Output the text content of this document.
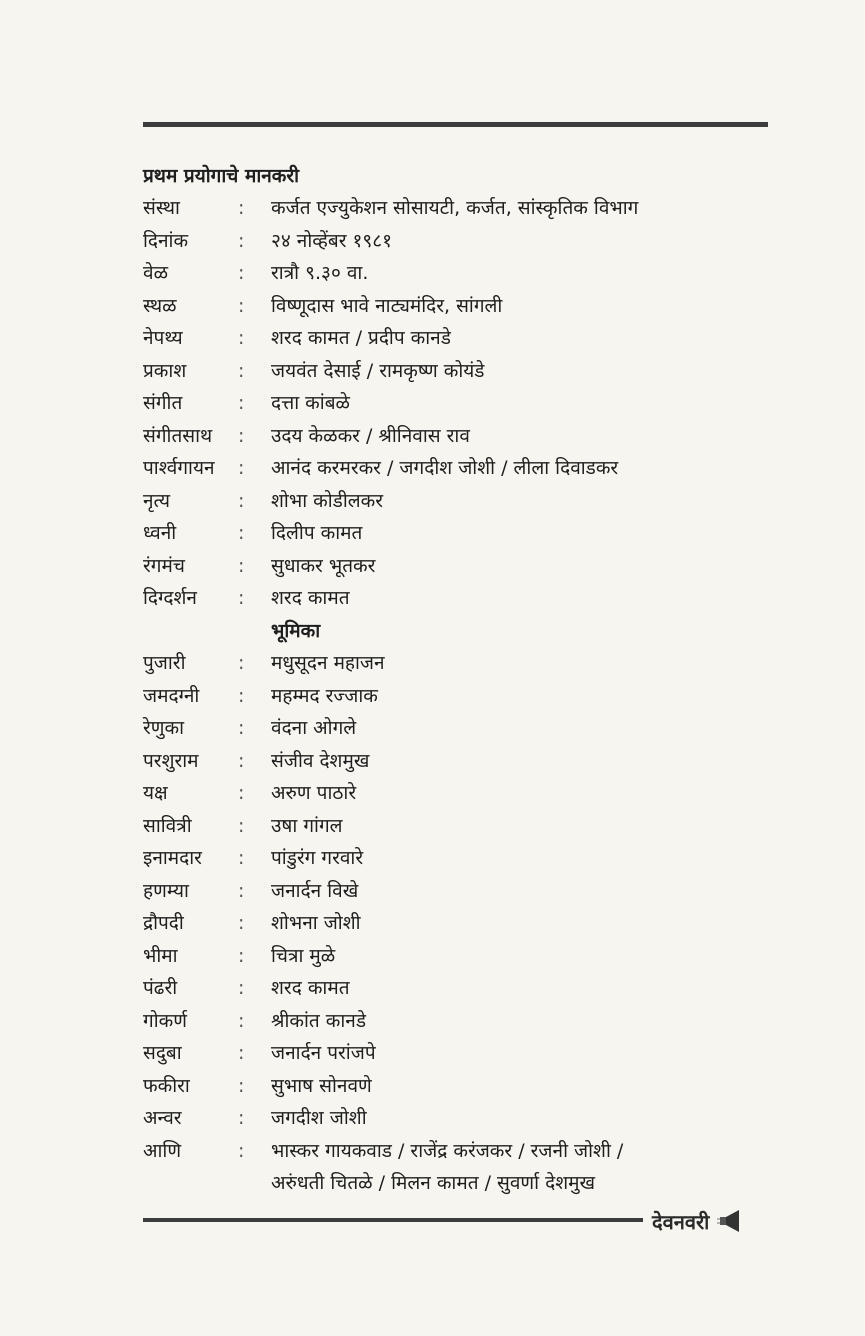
प्रथम प्रयोगाचे मानकरी
संस्था	: कर्जत एज्युकेशन सोसायटी, कर्जत, सांस्कृतिक विभाग
दिनांक	: २४ नोव्हेंबर १९८१
वेळ	: रात्रौ ९.३० वा.
स्थळ	: विष्णूदास भावे नाट्यमंदिर, सांगली
नेपथ्य	: शरद कामत / प्रदीप कानडे
प्रकाश	: जयवंत देसाई / रामकृष्ण कोयंडे
संगीत	: दत्ता कांबळे
संगीतसाथ : उदय केळकर / श्रीनिवास राव
पार्श्वगायन : आनंद करमरकर / जगदीश जोशी / लीला दिवाडकर
नृत्य	: शोभा कोडीलकर
ध्वनी	: दिलीप कामत
रंगमंच	: सुधाकर भूतकर
दिग्दर्शन : शरद कामत
भूमिका
पुजारी	: मधुसूदन महाजन
जमदग्नी : महम्मद रज्जाक
रेणुका	: वंदना ओगले
परशुराम : संजीव देशमुख
यक्ष	: अरुण पाठारे
सावित्री : उषा गांगल
इनामदार : पांडुरंग गरवारे
हणम्या	: जनार्दन विखे
द्रौपदी	: शोभना जोशी
भीमा	: चित्रा मुळे
पंढरी	: शरद कामत
गोकर्ण	: श्रीकांत कानडे
सदुबा	: जनार्दन परांजपे
फकीरा	: सुभाष सोनवणे
अन्वर	: जगदीश जोशी
आणि	: भास्कर गायकवाड / राजेंद्र करंजकर / रजनी जोशी /
अरुंधती चितळे / मिलन कामत / सुवर्णा देशमुख
देवनवरी
